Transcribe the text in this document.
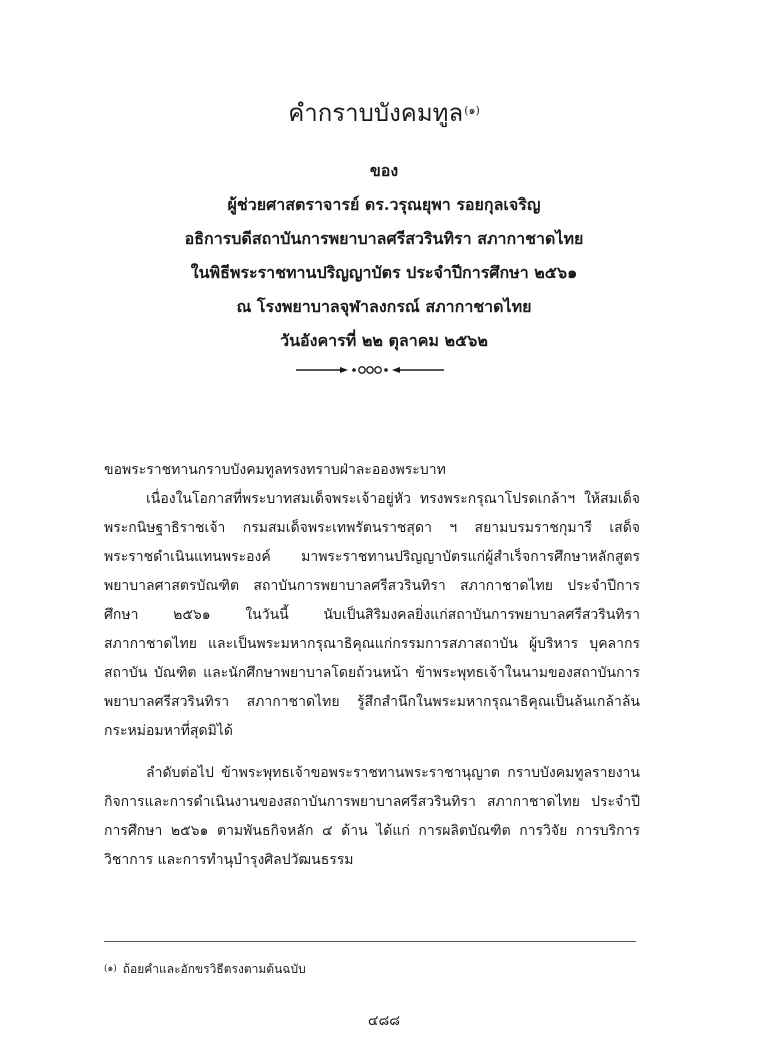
คำกราบบังคมทูล$^{(๑)}$
ของ
ผู้ช่วยศาสตราจารย์ ดร.วรุณยุพา รอยกุลเจริญ
อธิการบดีสถาบันการพยาบาลศรีสวรินทิรา สภากาชาดไทย
ในพิธีพระราชทานปริญญาบัตร ประจำปีการศึกษา ๒๕๖๑
ณ โรงพยาบาลจุฬาลงกรณ์ สภากาชาดไทย
วันอังคารที่ ๒๒ ตุลาคม ๒๕๖๒

ขอพระราชทานกราบบังคมทูลทรงทราบฝ่าละอองพระบาท

เนื่องในโอกาสที่พระบาทสมเด็จพระเจ้าอยู่หัว ทรงพระกรุณาโปรดเกล้าฯ ให้สมเด็จพระกนิษฐาธิราชเจ้า กรมสมเด็จพระเทพรัตนราชสุดา ฯ สยามบรมราชกุมารี เสด็จพระราชดำเนินแทนพระองค์ มาพระราชทานปริญญาบัตรแก่ผู้สำเร็จการศึกษาหลักสูตรพยาบาลศาสตรบัณฑิต สถาบันการพยาบาลศรีสวรินทิรา สภากาชาดไทย ประจำปีการศึกษา ๒๕๖๑ ในวันนี้ นับเป็นสิริมงคลยิ่งแก่สถาบันการพยาบาลศรีสวรินทิรา สภากาชาดไทย และเป็นพระมหากรุณาธิคุณแก่กรรมการสภาสถาบัน ผู้บริหาร บุคลากรสถาบัน บัณฑิต และนักศึกษาพยาบาลโดยถ้วนหน้า ข้าพระพุทธเจ้าในนามของสถาบันการพยาบาลศรีสวรินทิรา สภากาชาดไทย รู้สึกสำนึกในพระมหากรุณาธิคุณเป็นล้นเกล้าล้นกระหม่อมหาที่สุดมิได้

ลำดับต่อไป ข้าพระพุทธเจ้าขอพระราชทานพระราชานุญาต กราบบังคมทูลรายงานกิจการและการดำเนินงานของสถาบันการพยาบาลศรีสวรินทิรา สภากาชาดไทย ประจำปีการศึกษา ๒๕๖๑ ตามพันธกิจหลัก ๔ ด้าน ได้แก่ การผลิตบัณฑิต การวิจัย การบริการวิชาการ และการทำนุบำรุงศิลปวัฒนธรรม

$^{(๑)}$ ถ้อยคำและอักขรวิธีตรงตามต้นฉบับ
๔๘๘
